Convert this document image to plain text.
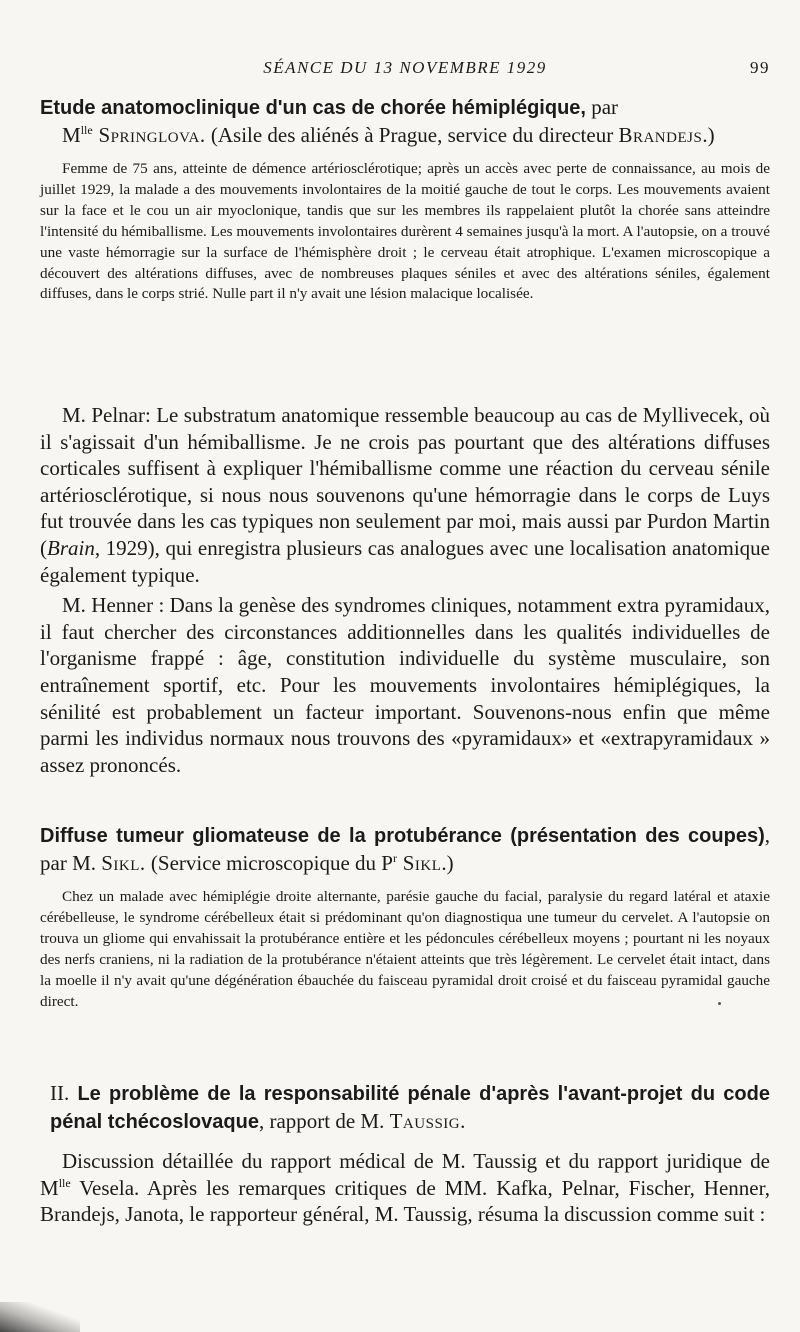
SÉANCE DU 13 NOVEMBRE 1929	99
Etude anatomoclinique d'un cas de chorée hémiplégique, par
$M^{lle}$ Springlova. (Asile des aliénés à Prague, service du directeur Brandejs.)

Femme de 75 ans, atteinte de démence artériosclérotique; après un accès avec perte de connaissance, au mois de juillet 1929, la malade a des mouvements involontaires de la moitié gauche de tout le corps. Les mouvements avaient sur la face et le cou un air myoclonique, tandis que sur les membres ils rappelaient plutôt la chorée sans atteindre l'intensité du hémiballisme. Les mouvements involontaires durèrent 4 semaines jusqu'à la mort. A l'autopsie, on a trouvé une vaste hémorragie sur la surface de l'hémisphère droit ; le cerveau était atrophique. L'examen microscopique a découvert des altérations diffuses, avec de nombreuses plaques séniles et avec des altérations séniles, également diffuses, dans le corps strié. Nulle part il n'y avait une lésion malacique localisée.

M. Pelnar: Le substratum anatomique ressemble beaucoup au cas de Myllivecek, où il s'agissait d'un hémiballisme. Je ne crois pas pourtant que des altérations diffuses corticales suffisent à expliquer l'hémiballisme comme une réaction du cerveau sénile artériosclérotique, si nous nous souvenons qu'une hémorragie dans le corps de Luys fut trouvée dans les cas typiques non seulement par moi, mais aussi par Purdon Martin (Brain, 1929), qui enregistra plusieurs cas analogues avec une localisation anatomique également typique.

M. Henner : Dans la genèse des syndromes cliniques, notamment extra pyramidaux, il faut chercher des circonstances additionnelles dans les qualités individuelles de l'organisme frappé : âge, constitution individuelle du système musculaire, son entraînement sportif, etc. Pour les mouvements involontaires hémiplégiques, la sénilité est probablement un facteur important. Souvenons-nous enfin que même parmi les individus normaux nous trouvons des «pyramidaux» et «extrapyramidaux » assez prononcés.

Diffuse tumeur gliomateuse de la protubérance (présentation des coupes), par M. Sikl. (Service microscopique du $P^r$ Sikl.)

Chez un malade avec hémiplégie droite alternante, parésie gauche du facial, paralysie du regard latéral et ataxie cérébelleuse, le syndrome cérébelleux était si prédominant qu'on diagnostiqua une tumeur du cervelet. A l'autopsie on trouva un gliome qui envahissait la protubérance entière et les pédoncules cérébelleux moyens ; pourtant ni les noyaux des nerfs craniens, ni la radiation de la protubérance n'étaient atteints que très légèrement. Le cervelet était intact, dans la moelle il n'y avait qu'une dégénération ébauchée du faisceau pyramidal droit croisé et du faisceau pyramidal gauche direct.

II. Le problème de la responsabilité pénale d'après l'avant-projet du code pénal tchécoslovaque, rapport de M. Taussig.

Discussion détaillée du rapport médical de M. Taussig et du rapport juridique de $M^{lle}$ Vesela. Après les remarques critiques de MM. Kafka, Pelnar, Fischer, Henner, Brandejs, Janota, le rapporteur général, M. Taussig, résuma la discussion comme suit :
